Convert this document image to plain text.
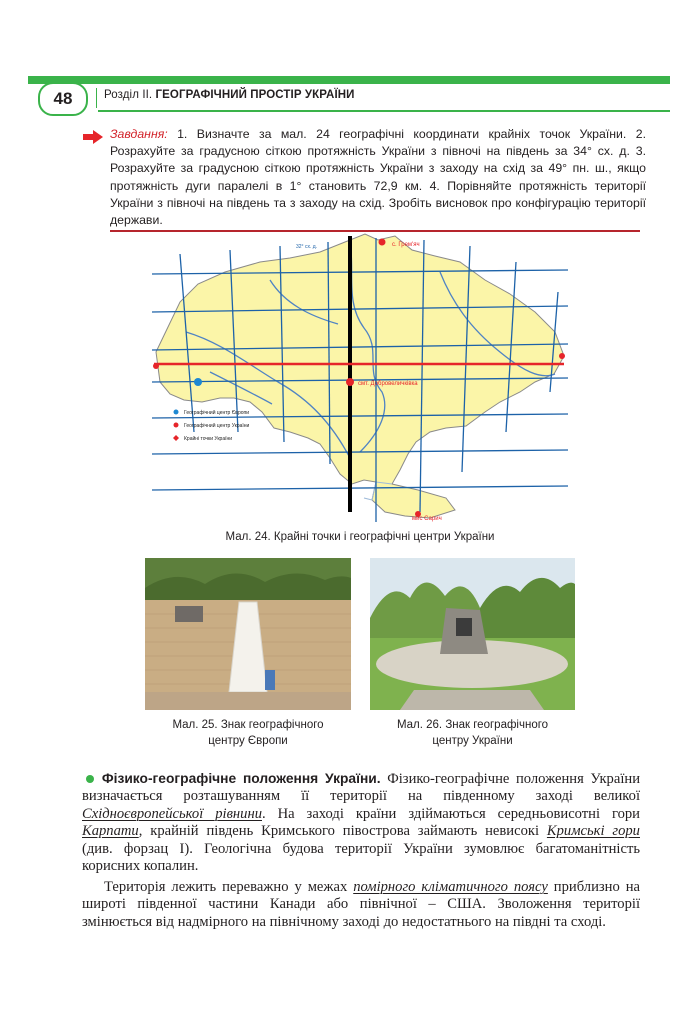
48	Розділ ІІ. ГЕОГРАФІЧНИЙ ПРОСТІР УКРАЇНИ
Завдання: 1. Визначте за мал. 24 географічні координати крайніх точок України. 2. Розрахуйте за градусною сіткою протяжність України з півночі на південь за 34° сх. д. 3. Розрахуйте за градусною сіткою протяжність України з заходу на схід за 49° пн. ш., якщо протяжність дуги паралелі в 1° становить 72,9 км. 4. Порівняйте протяжність території України з півночі на південь та з заходу на схід. Зробіть висновок про конфігурацію території держави.
32° сх. д.	с. Грем'яч
мис Сарич
смт. Добровеличківка
Географічний центр Європи
Географічний центр України
Крайні точки України
Мал. 24. Крайні точки і географічні центри України
Мал. 25. Знак географічного
центру Європи
Мал. 26. Знак географічного
центру України
Фізико-географічне положення України. Фізико-географічне положення України визначається розташуванням її території на південному заході великої Східноєвропейської рівнини. На заході країни здіймаються середньовисотні гори Карпати, крайній південь Кримського півострова займають невисокі Кримські гори (див. форзац І). Геологічна будова території України зумовлює багатоманітність корисних копалин.
Територія лежить переважно у межах помірного кліматичного поясу приблизно на широті південної частини Канади або північної – США. Зволоження території змінюється від надмірного на північному заході до недостатнього на півдні та сході.
